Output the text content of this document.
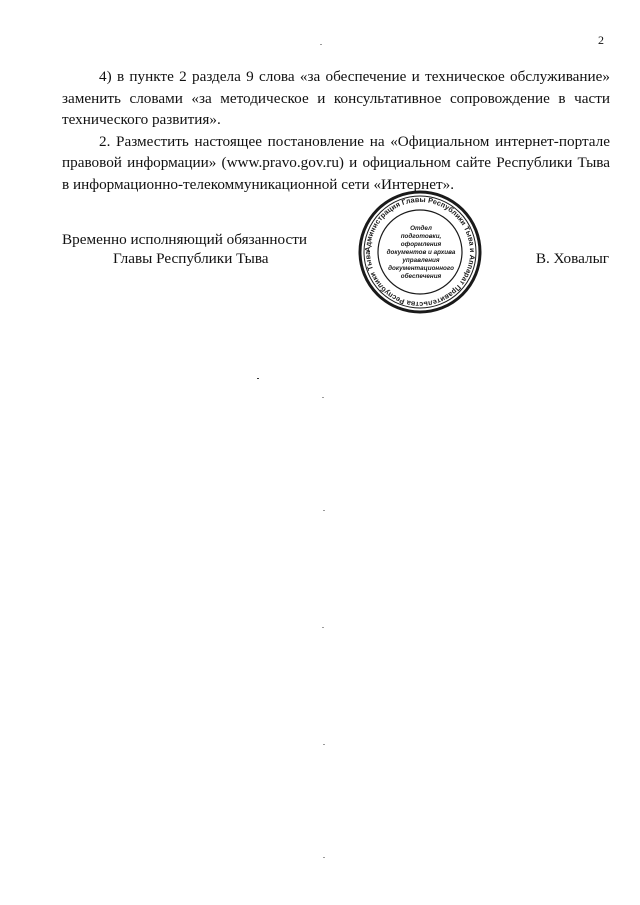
2

4) в пункте 2 раздела 9 слова «за обеспечение и техническое обслуживание» заменить словами «за методическое и консультативное сопровождение в части технического развития».

2. Разместить настоящее постановление на «Официальном интернет-портале правовой информации» (www.pravo.gov.ru) и официальном сайте Республики Тыва в информационно-телекоммуникационной сети «Интернет».

Временно исполняющий обязанности
Главы Республики Тыва	В. Ховалыг
Администрация Главы Республики Тыва и Аппарат Правительства Республики Тыва
Отдел
подготовки,
оформления
документов и архива
управления
документационного
обеспечения
